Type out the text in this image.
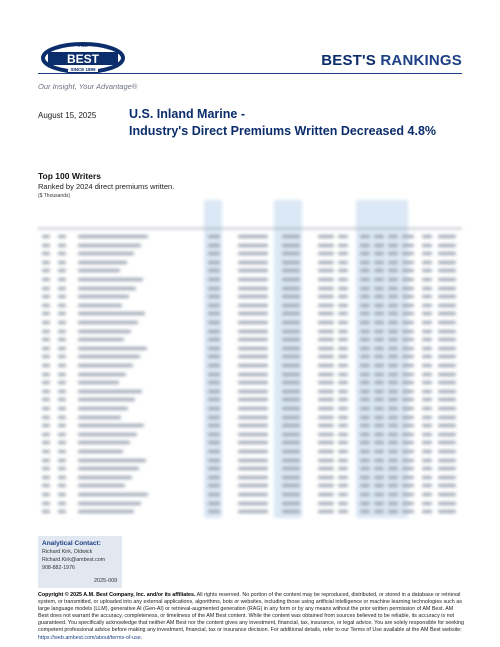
AM
BEST
SINCE 1899
BEST'S RANKINGS
Our Insight, Your Advantage®
August 15, 2025	U.S. Inland Marine -
Industry's Direct Premiums Written Decreased 4.8%
Top 100 Writers
Ranked by 2024 direct premiums written.
($ Thousands)
Analytical Contact:
Richard Kirk, Oldwick
Richard.Kirk@ambest.com
908-882-1976
2025-009
Copyright © 2025 A.M. Best Company, Inc. and/or its affiliates. All rights reserved. No portion of the content may be reproduced, distributed, or stored in a database or retrieval system, or transmitted, or uploaded into any external applications, algorithms, bots or websites, including those using artificial intelligence or machine learning technologies such as large language models (LLM), generative AI (Gen-AI) or retrieval-augmented generation (RAG) in any form or by any means without the prior written permission of AM Best. AM Best does not warrant the accuracy, completeness, or timeliness of the AM Best content. While the content was obtained from sources believed to be reliable, its accuracy is not guaranteed. You specifically acknowledge that neither AM Best nor the content gives any investment, financial, tax, insurance, or legal advice. You are solely responsible for seeking competent professional advice before making any investment, financial, tax or insurance decision. For additional details, refer to our Terms of Use available at the AM Best website: https://web.ambest.com/about/terms-of-use.
